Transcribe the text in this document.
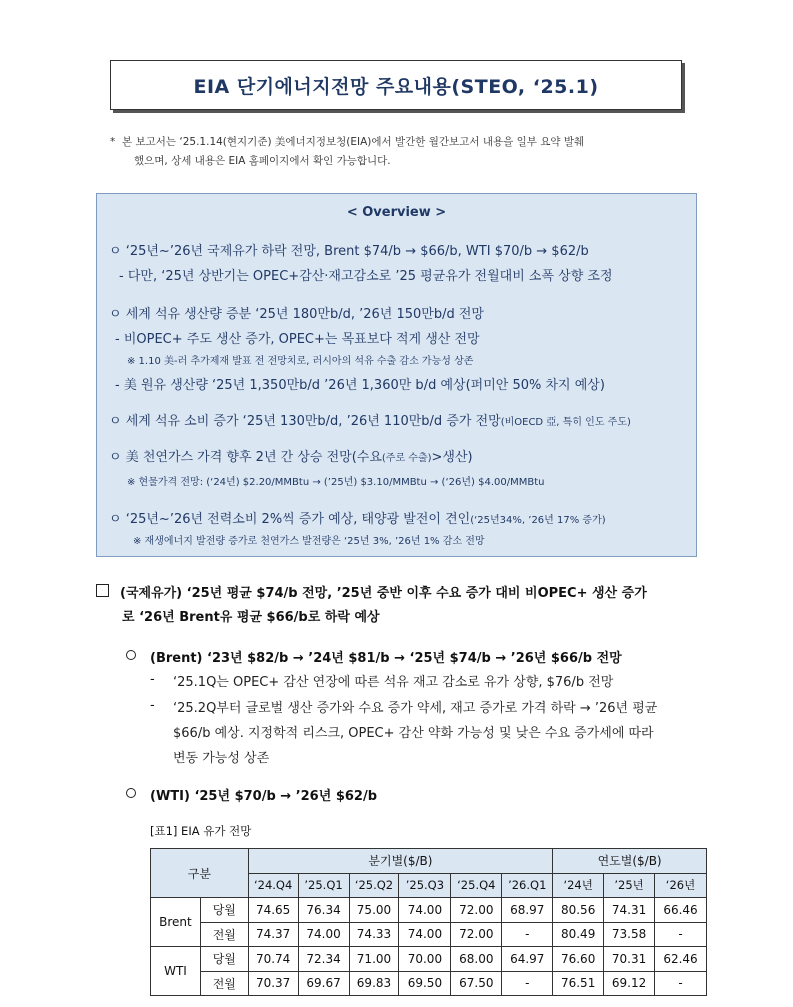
EIA 단기에너지전망 주요내용(STEO, ‘25.1)
* 본 보고서는 ‘25.1.14(현지기준) 美에너지정보청(EIA)에서 발간한 월간보고서 내용을 일부 요약 발췌
했으며, 상세 내용은 EIA 홈페이지에서 확인 가능합니다.
< Overview >
ㅇ ‘25년~’26년 국제유가 하락 전망, Brent $74/b → $66/b, WTI $70/b → $62/b
- 다만, ‘25년 상반기는 OPEC+감산·재고감소로 ’25 평균유가 전월대비 소폭 상향 조정
ㅇ 세계 석유 생산량 증분 ‘25년 180만b/d, ’26년 150만b/d 전망
- 비OPEC+ 주도 생산 증가, OPEC+는 목표보다 적게 생산 전망
※ 1.10 美-러 추가제재 발표 전 전망치로, 러시아의 석유 수출 감소 가능성 상존
- 美 원유 생산량 ‘25년 1,350만b/d ’26년 1,360만 b/d 예상(퍼미안 50% 차지 예상)
ㅇ 세계 석유 소비 증가 ‘25년 130만b/d, ’26년 110만b/d 증가 전망(비OECD 亞, 특히 인도 주도)
ㅇ 美 천연가스 가격 향후 2년 간 상승 전망(수요(주로 수출)>생산)
※ 현물가격 전망: (‘24년) $2.20/MMBtu → (’25년) $3.10/MMBtu → (‘26년) $4.00/MMBtu
ㅇ ‘25년~’26년 전력소비 2%씩 증가 예상, 태양광 발전이 견인(‘25년34%, ’26년 17% 증가)
※ 재생에너지 발전량 증가로 천연가스 발전량은 ‘25년 3%, ’26년 1% 감소 전망
(국제유가) ‘25년 평균 $74/b 전망, ’25년 중반 이후 수요 증가 대비 비OPEC+ 생산 증가
로 ‘26년 Brent유 평균 $66/b로 하락 예상
(Brent) ‘23년 $82/b → ’24년 $81/b → ‘25년 $74/b → ’26년 $66/b 전망
- ‘25.1Q는 OPEC+ 감산 연장에 따른 석유 재고 감소로 유가 상향, $76/b 전망
- ‘25.2Q부터 글로벌 생산 증가와 수요 증가 약세, 재고 증가로 가격 하락 → ’26년 평균
$66/b 예상. 지정학적 리스크, OPEC+ 감산 약화 가능성 및 낮은 수요 증가세에 따라
변동 가능성 상존
(WTI) ‘25년 $70/b → ’26년 $62/b
[표1] EIA 유가 전망
구분		분기별($/B)						연도별($/B)		
		‘24.Q4	’25.Q1	‘25.Q2	’25.Q3	‘25.Q4	’26.Q1	‘24년	’25년	‘26년
Brent	당월	74.65	76.34	75.00	74.00	72.00	68.97	80.56	74.31	66.46
	전월	74.37	74.00	74.33	74.00	72.00	-	80.49	73.58	-
WTI	당월	70.74	72.34	71.00	70.00	68.00	64.97	76.60	70.31	62.46
	전월	70.37	69.67	69.83	69.50	67.50	-	76.51	69.12	-
